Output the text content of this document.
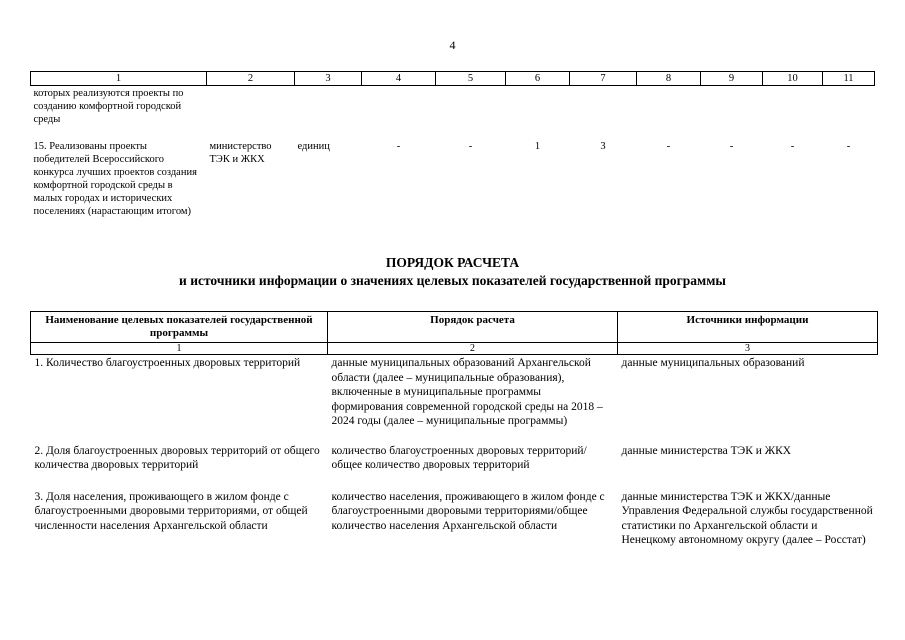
4
1	2	3	4	5	6	7	8	9	10	11
которых реализуются проекты по созданию комфортной городской среды										
15. Реализованы проекты победителей Всероссийского конкурса лучших проектов создания комфортной городской среды в малых городах и исторических поселениях (нарастающим итогом)	министерство ТЭК и ЖКХ	единиц	-	-	1	3	-	-	-	-
ПОРЯДОК РАСЧЕТА
и источники информации о значениях целевых показателей государственной программы
Наименование целевых показателей государственной программы	Порядок расчета	Источники информации
1	2	3
1. Количество благоустроенных дворовых территорий	данные муниципальных образований Архангельской области (далее – муниципальные образования), включенные в муниципальные программы формирования современной городской среды на 2018 – 2024 годы (далее – муниципальные программы)	данные муниципальных образований

2. Доля благоустроенных дворовых территорий от общего количества дворовых территорий	количество благоустроенных дворовых территорий/общее количество дворовых территорий	данные министерства ТЭК и ЖКХ

3. Доля населения, проживающего в жилом фонде с благоустроенными дворовыми территориями, от общей численности населения Архангельской области	количество населения, проживающего в жилом фонде с благоустроенными дворовыми территориями/общее количество населения Архангельской области	данные министерства ТЭК и ЖКХ/данные Управления Федеральной службы государственной статистики по Архангельской области и Ненецкому автономному округу (далее – Росстат)
